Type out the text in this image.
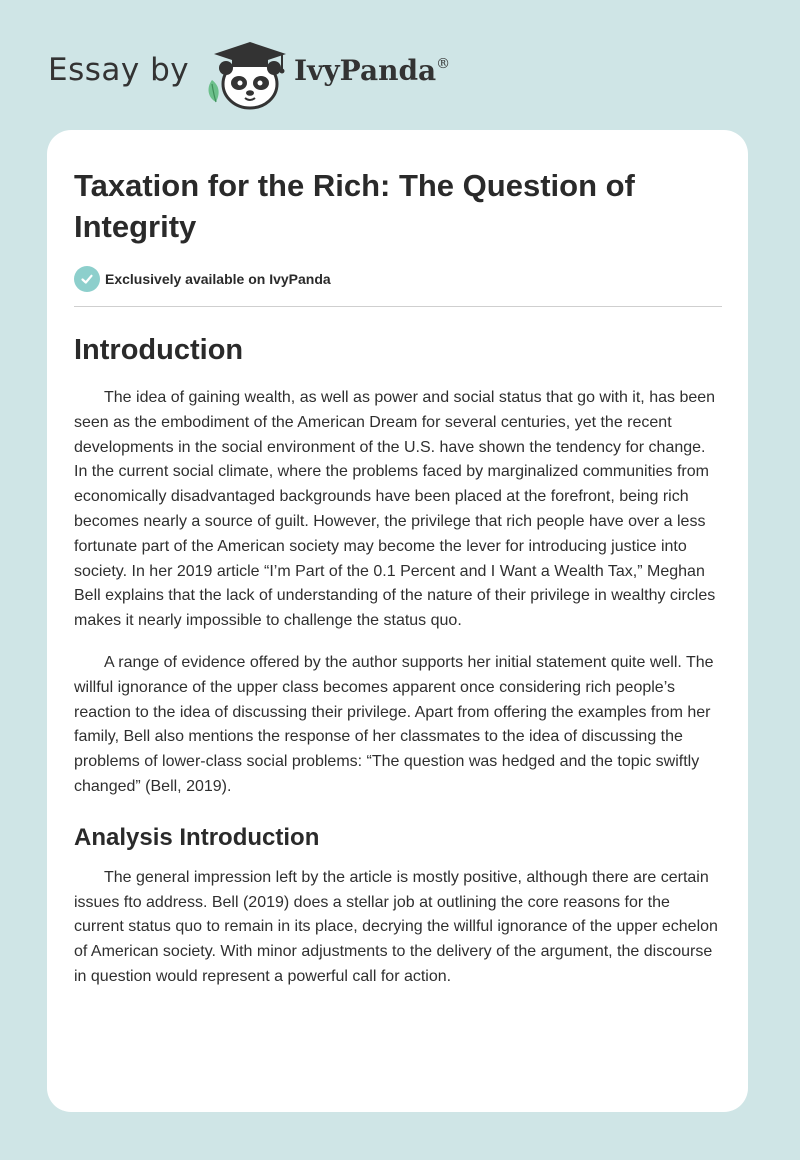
Essay by	IvyPanda®
Taxation for the Rich: The Question of Integrity
Exclusively available on IvyPanda
Introduction

The idea of gaining wealth, as well as power and social status that go with it, has been seen as the embodiment of the American Dream for several centuries, yet the recent developments in the social environment of the U.S. have shown the tendency for change. In the current social climate, where the problems faced by marginalized communities from economically disadvantaged backgrounds have been placed at the forefront, being rich becomes nearly a source of guilt. However, the privilege that rich people have over a less fortunate part of the American society may become the lever for introducing justice into society. In her 2019 article “I’m Part of the 0.1 Percent and I Want a Wealth Tax,” Meghan Bell explains that the lack of understanding of the nature of their privilege in wealthy circles makes it nearly impossible to challenge the status quo.

A range of evidence offered by the author supports her initial statement quite well. The willful ignorance of the upper class becomes apparent once considering rich people’s reaction to the idea of discussing their privilege. Apart from offering the examples from her family, Bell also mentions the response of her classmates to the idea of discussing the problems of lower-class social problems: “The question was hedged and the topic swiftly changed” (Bell, 2019).

Analysis Introduction

The general impression left by the article is mostly positive, although there are certain issues fto address. Bell (2019) does a stellar job at outlining the core reasons for the current status quo to remain in its place, decrying the willful ignorance of the upper echelon of American society. With minor adjustments to the delivery of the argument, the discourse in question would represent a powerful call for action.
